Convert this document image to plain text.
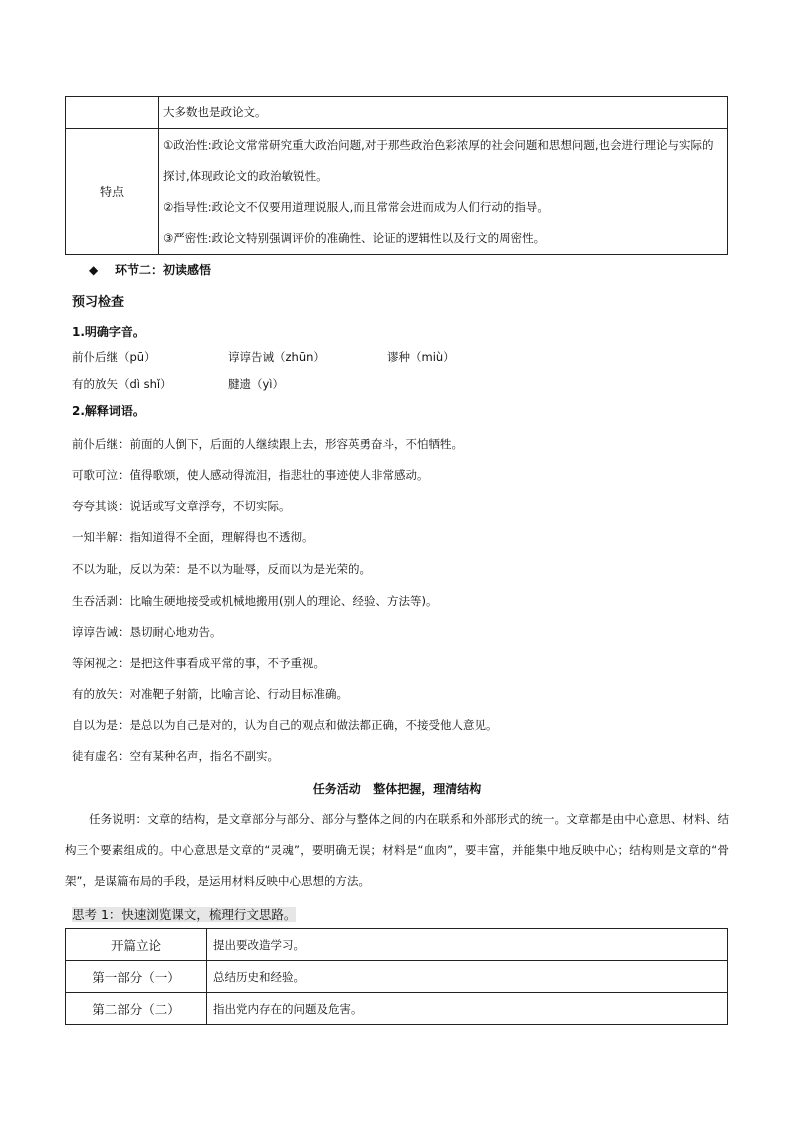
	大多数也是政论文。

特点	①政治性:政论文常常研究重大政治问题,对于那些政治色彩浓厚的社会问题和思想问题,也会进行理论与实际的探讨,体现政论文的政治敏锐性。
②指导性:政论文不仅要用道理说服人,而且常常会进而成为人们行动的指导。
③严密性:政论文特别强调评价的准确性、论证的逻辑性以及行文的周密性。
◆ 环节二：初读感悟
预习检查
1.明确字音。
前仆后继（pū）	谆谆告诫（zhūn）	谬种（miù）
有的放矢（dì shǐ）	腱遗（yì）
2.解释词语。
前仆后继：前面的人倒下，后面的人继续跟上去，形容英勇奋斗，不怕牺牲。
可歌可泣：值得歌颂，使人感动得流泪，指悲壮的事迹使人非常感动。
夸夸其谈：说话或写文章浮夸，不切实际。
一知半解：指知道得不全面，理解得也不透彻。
不以为耻，反以为荣：是不以为耻辱，反而以为是光荣的。
生吞活剥：比喻生硬地接受或机械地搬用(别人的理论、经验、方法等)。
谆谆告诫：恳切耐心地劝告。
等闲视之：是把这件事看成平常的事，不予重视。
有的放矢：对准靶子射箭，比喻言论、行动目标准确。
自以为是：是总以为自己是对的，认为自己的观点和做法都正确，不接受他人意见。
徒有虚名：空有某种名声，指名不副实。
任务活动   整体把握，理清结构
任务说明：文章的结构，是文章部分与部分、部分与整体之间的内在联系和外部形式的统一。文章都是由中心意思、材料、结构三个要素组成的。中心意思是文章的“灵魂”，要明确无误；材料是“血肉”，要丰富，并能集中地反映中心；结构则是文章的“骨架”，是谋篇布局的手段，是运用材料反映中心思想的方法。
思考 1：快速浏览课文，梳理行文思路。
开篇立论	提出要改造学习。
第一部分（一）	总结历史和经验。
第二部分（二）	指出党内存在的问题及危害。
